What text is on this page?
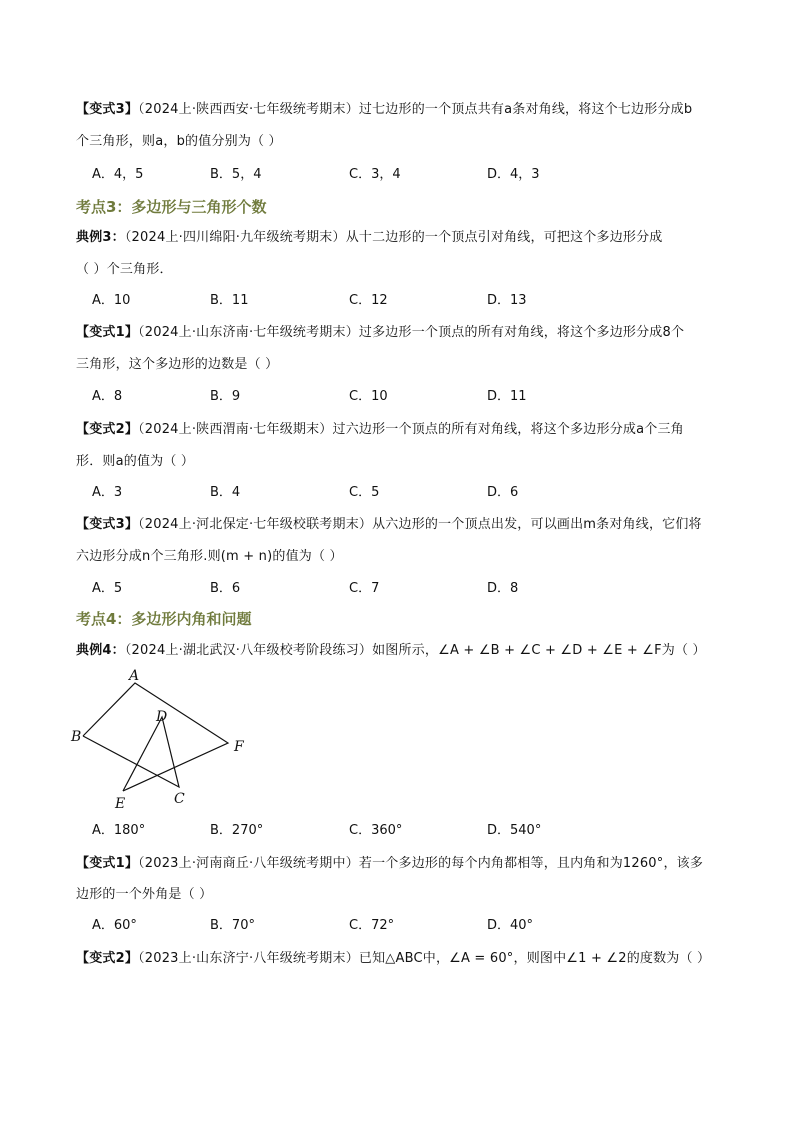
【变式3】（2024上·陕西西安·七年级统考期末）过七边形的一个顶点共有a条对角线，将这个七边形分成b
个三角形，则a，b的值分别为（ ）
A．4，5	B．5，4	C．3，4	D．4，3
考点3：多边形与三角形个数
典例3：（2024上·四川绵阳·九年级统考期末）从十二边形的一个顶点引对角线，可把这个多边形分成
（ ）个三角形．
A．10	B．11	C．12	D．13
【变式1】（2024上·山东济南·七年级统考期末）过多边形一个顶点的所有对角线，将这个多边形分成8个
三角形，这个多边形的边数是（ ）
A．8	B．9	C．10	D．11
【变式2】（2024上·陕西渭南·七年级期末）过六边形一个顶点的所有对角线，将这个多边形分成a个三角
形．则a的值为（ ）
A．3	B．4	C．5	D．6
【变式3】（2024上·河北保定·七年级校联考期末）从六边形的一个顶点出发，可以画出m条对角线，它们将
六边形分成n个三角形.则(m + n)的值为（ ）
A．5	B．6	C．7	D．8
考点4：多边形内角和问题
典例4：（2024上·湖北武汉·八年级校考阶段练习）如图所示，∠A + ∠B + ∠C + ∠D + ∠E + ∠F为（ ）
A
B
C
D
E
F
A．180°	B．270°	C．360°	D．540°
【变式1】（2023上·河南商丘·八年级统考期中）若一个多边形的每个内角都相等，且内角和为1260°，该多
边形的一个外角是（ ）
A．60°	B．70°	C．72°	D．40°
【变式2】（2023上·山东济宁·八年级统考期末）已知△ABC中，∠A = 60°，则图中∠1 + ∠2的度数为（ ）
